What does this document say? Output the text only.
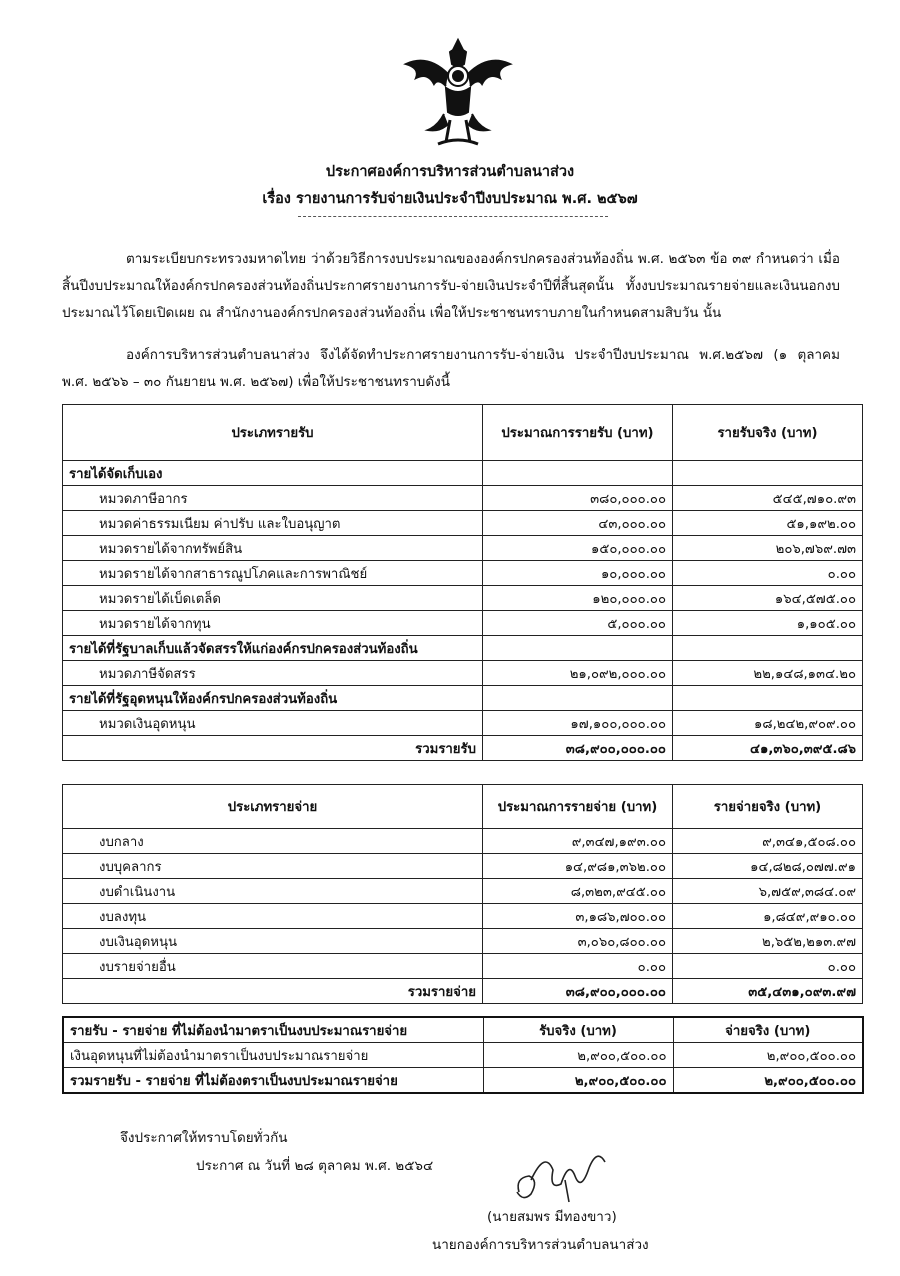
ประกาศองค์การบริหารส่วนตำบลนาส่วง
เรื่อง รายงานการรับจ่ายเงินประจำปีงบประมาณ พ.ศ. ๒๕๖๗
ตามระเบียบกระทรวงมหาดไทย ว่าด้วยวิธีการงบประมาณขององค์กรปกครองส่วนท้องถิ่น พ.ศ. ๒๕๖๓ ข้อ ๓๙ กำหนดว่า เมื่อสิ้นปีงบประมาณให้องค์กรปกครองส่วนท้องถิ่นประกาศรายงานการรับ-จ่ายเงินประจำปีที่สิ้นสุดนั้น ทั้งงบประมาณรายจ่ายและเงินนอกงบประมาณไว้โดยเปิดเผย ณ สำนักงานองค์กรปกครองส่วนท้องถิ่น เพื่อให้ประชาชนทราบภายในกำหนดสามสิบวัน นั้น
องค์การบริหารส่วนตำบลนาส่วง จึงได้จัดทำประกาศรายงานการรับ-จ่ายเงิน ประจำปีงบประมาณ พ.ศ.๒๕๖๗ (๑ ตุลาคม พ.ศ. ๒๕๖๖ – ๓๐ กันยายน พ.ศ. ๒๕๖๗) เพื่อให้ประชาชนทราบดังนี้
ประเภทรายรับ	ประมาณการรายรับ (บาท)	รายรับจริง (บาท)
รายได้จัดเก็บเอง		
หมวดภาษีอากร	๓๘๐,๐๐๐.๐๐	๕๔๕,๗๑๐.๙๓
หมวดค่าธรรมเนียม ค่าปรับ และใบอนุญาต	๔๓,๐๐๐.๐๐	๕๑,๑๙๒.๐๐
หมวดรายได้จากทรัพย์สิน	๑๕๐,๐๐๐.๐๐	๒๐๖,๗๖๙.๗๓
หมวดรายได้จากสาธารณูปโภคและการพาณิชย์	๑๐,๐๐๐.๐๐	๐.๐๐
หมวดรายได้เบ็ดเตล็ด	๑๒๐,๐๐๐.๐๐	๑๖๔,๕๗๕.๐๐
หมวดรายได้จากทุน	๕,๐๐๐.๐๐	๑,๑๐๕.๐๐
รายได้ที่รัฐบาลเก็บแล้วจัดสรรให้แก่องค์กรปกครองส่วนท้องถิ่น		
หมวดภาษีจัดสรร	๒๑,๐๙๒,๐๐๐.๐๐	๒๒,๑๔๘,๑๓๔.๒๐
รายได้ที่รัฐอุดหนุนให้องค์กรปกครองส่วนท้องถิ่น		
หมวดเงินอุดหนุน	๑๗,๑๐๐,๐๐๐.๐๐	๑๘,๒๔๒,๙๐๙.๐๐
รวมรายรับ	๓๘,๙๐๐,๐๐๐.๐๐	๔๑,๓๖๐,๓๙๕.๘๖
ประเภทรายจ่าย	ประมาณการรายจ่าย (บาท)	รายจ่ายจริง (บาท)
งบกลาง	๙,๓๔๗,๑๙๓.๐๐	๙,๓๔๑,๕๐๘.๐๐
งบบุคลากร	๑๔,๙๘๑,๓๖๒.๐๐	๑๔,๘๒๘,๐๗๗.๙๑
งบดำเนินงาน	๘,๓๒๓,๙๔๕.๐๐	๖,๗๕๙,๓๘๔.๐๙
งบลงทุน	๓,๑๘๖,๗๐๐.๐๐	๑,๘๔๙,๙๑๐.๐๐
งบเงินอุดหนุน	๓,๐๖๐,๘๐๐.๐๐	๒,๖๕๒,๒๑๓.๙๗
งบรายจ่ายอื่น	๐.๐๐	๐.๐๐
รวมรายจ่าย	๓๘,๙๐๐,๐๐๐.๐๐	๓๕,๔๓๑,๐๙๓.๙๗
รายรับ - รายจ่าย ที่ไม่ต้องนำมาตราเป็นงบประมาณรายจ่าย	รับจริง (บาท)	จ่ายจริง (บาท)
เงินอุดหนุนที่ไม่ต้องนำมาตราเป็นงบประมาณรายจ่าย	๒,๙๐๐,๕๐๐.๐๐	๒,๙๐๐,๕๐๐.๐๐
รวมรายรับ - รายจ่าย ที่ไม่ต้องตราเป็นงบประมาณรายจ่าย	๒,๙๐๐,๕๐๐.๐๐	๒,๙๐๐,๕๐๐.๐๐
จึงประกาศให้ทราบโดยทั่วกัน
ประกาศ ณ วันที่ ๒๘ ตุลาคม พ.ศ. ๒๕๖๔
(นายสมพร มีทองขาว)
นายกองค์การบริหารส่วนตำบลนาส่วง
